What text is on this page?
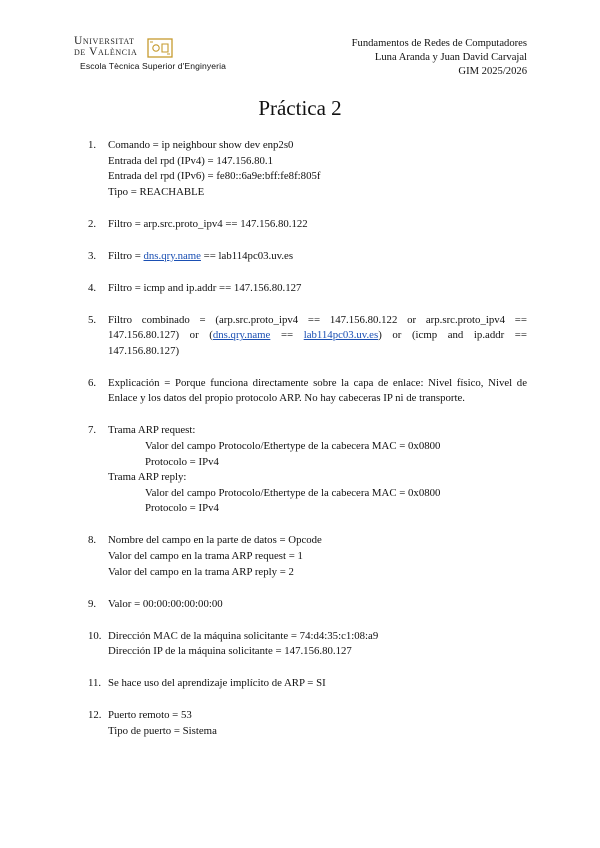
Universitat
de València
Escola Tècnica Superior d'Enginyeria
Fundamentos de Redes de Computadores
Luna Aranda y Juan David Carvajal
GIM 2025/2026
Práctica 2
1. Comando = ip neighbour show dev enp2s0
Entrada del rpd (IPv4) = 147.156.80.1
Entrada del rpd (IPv6) = fe80::6a9e:bff:fe8f:805f
Tipo = REACHABLE
2. Filtro = arp.src.proto_ipv4 == 147.156.80.122
3. Filtro = dns.qry.name == lab114pc03.uv.es
4. Filtro = icmp and ip.addr == 147.156.80.127
5. Filtro combinado = (arp.src.proto_ipv4 == 147.156.80.122 or arp.src.proto_ipv4 == 147.156.80.127) or (dns.qry.name == lab114pc03.uv.es) or (icmp and ip.addr == 147.156.80.127)
6. Explicación = Porque funciona directamente sobre la capa de enlace: Nivel físico, Nivel de Enlace y los datos del propio protocolo ARP. No hay cabeceras IP ni de transporte.
7. Trama ARP request:
Valor del campo Protocolo/Ethertype de la cabecera MAC = 0x0800
Protocolo = IPv4
Trama ARP reply:
Valor del campo Protocolo/Ethertype de la cabecera MAC = 0x0800
Protocolo = IPv4
8. Nombre del campo en la parte de datos = Opcode
Valor del campo en la trama ARP request = 1
Valor del campo en la trama ARP reply = 2
9. Valor = 00:00:00:00:00:00
10. Dirección MAC de la máquina solicitante = 74:d4:35:c1:08:a9
Dirección IP de la máquina solicitante = 147.156.80.127
11. Se hace uso del aprendizaje implícito de ARP = SI
12. Puerto remoto = 53
Tipo de puerto = Sistema
